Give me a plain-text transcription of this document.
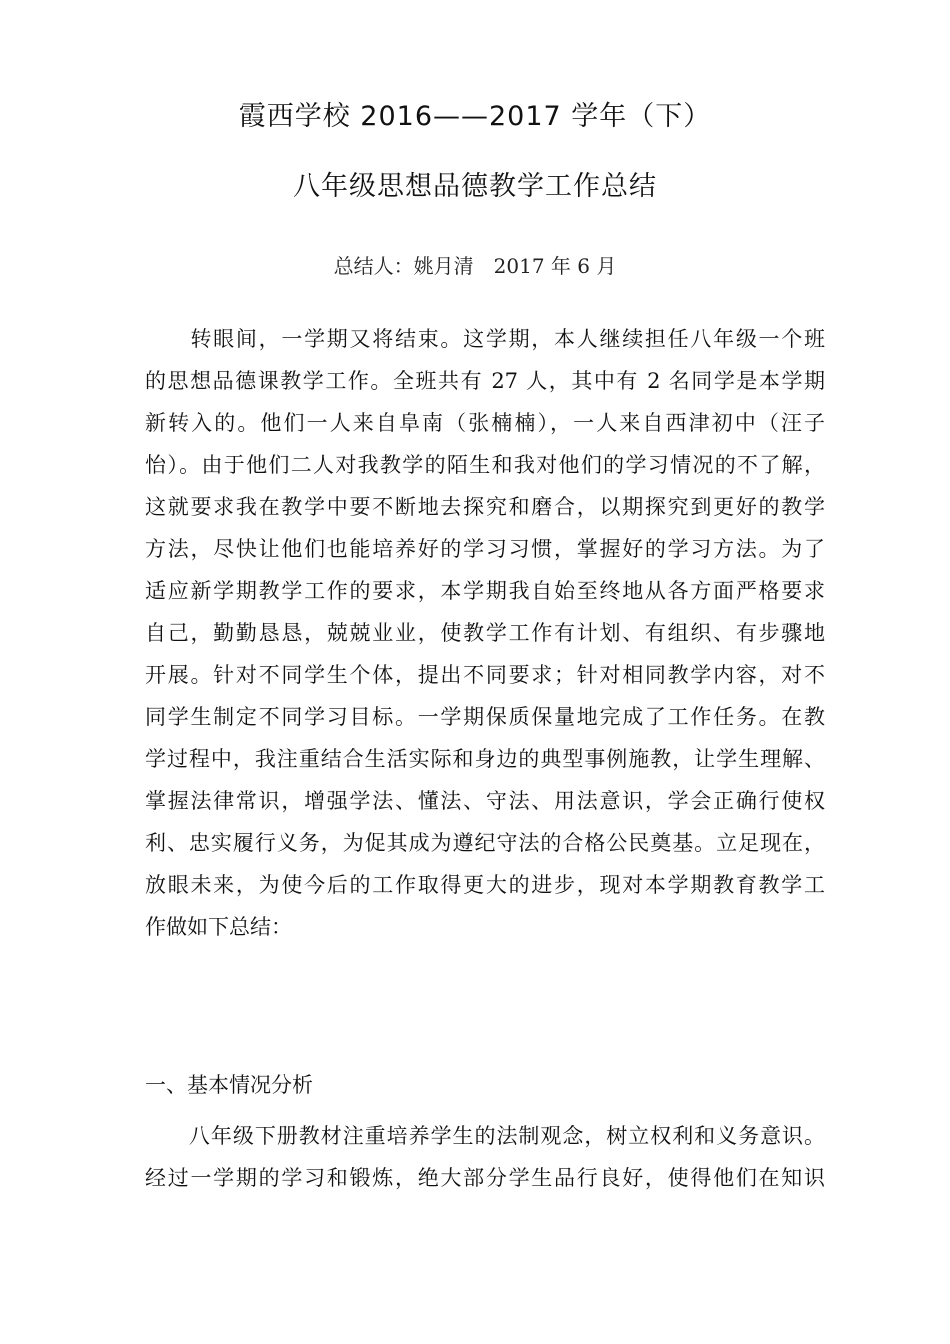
霞西学校 2016——2017 学年（下）
八年级思想品德教学工作总结
总结人：姚月清　2017 年 6 月
　　转眼间，一学期又将结束。这学期，本人继续担任八年级一个班
的思想品德课教学工作。全班共有 27 人，其中有 2 名同学是本学期
新转入的。他们一人来自阜南（张楠楠），一人来自西津初中（汪子
怡）。由于他们二人对我教学的陌生和我对他们的学习情况的不了解，
这就要求我在教学中要不断地去探究和磨合，以期探究到更好的教学
方法，尽快让他们也能培养好的学习习惯，掌握好的学习方法。为了
适应新学期教学工作的要求，本学期我自始至终地从各方面严格要求
自己，勤勤恳恳，兢兢业业，使教学工作有计划、有组织、有步骤地
开展。针对不同学生个体，提出不同要求；针对相同教学内容，对不
同学生制定不同学习目标。一学期保质保量地完成了工作任务。在教
学过程中，我注重结合生活实际和身边的典型事例施教，让学生理解、
掌握法律常识，增强学法、懂法、守法、用法意识，学会正确行使权
利、忠实履行义务，为促其成为遵纪守法的合格公民奠基。立足现在，
放眼未来，为使今后的工作取得更大的进步，现对本学期教育教学工
作做如下总结：
一、基本情况分析
　　八年级下册教材注重培养学生的法制观念，树立权利和义务意识。
经过一学期的学习和锻炼，绝大部分学生品行良好，使得他们在知识
